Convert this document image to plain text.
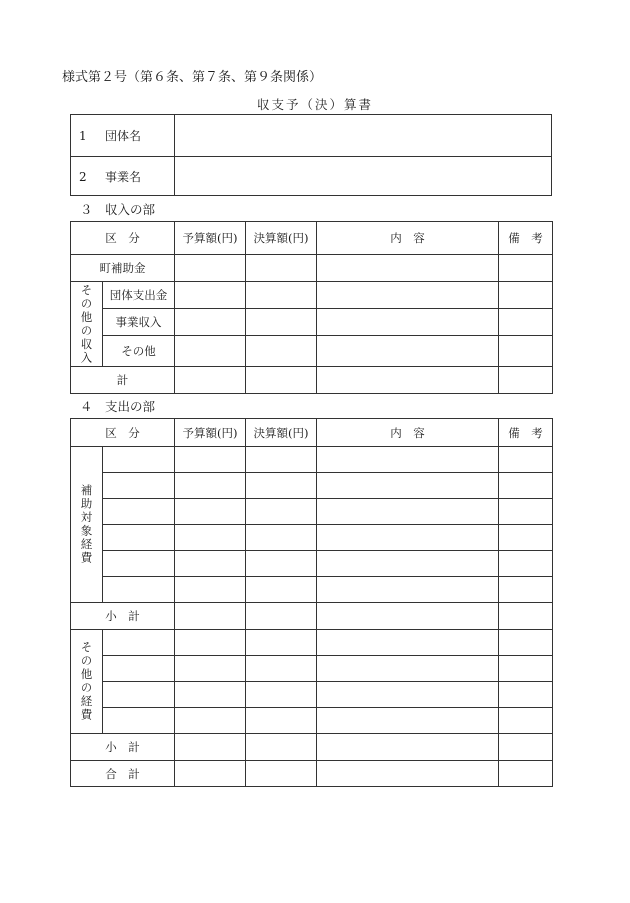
様式第２号（第６条、第７条、第９条関係）
収支予（決）算書
1 団体名	
2 事業名	
３　収入の部
区　分		予算額(円)	決算額(円)	内　容	備　考
町補助金					
その他の収入	団体支出金				
	事業収入				
	その他				
計					
４　支出の部
区　分		予算額(円)	決算額(円)	内　容	備　考
補助対象経費					

小　計					
その他の経費					

小　計					
合　計					
